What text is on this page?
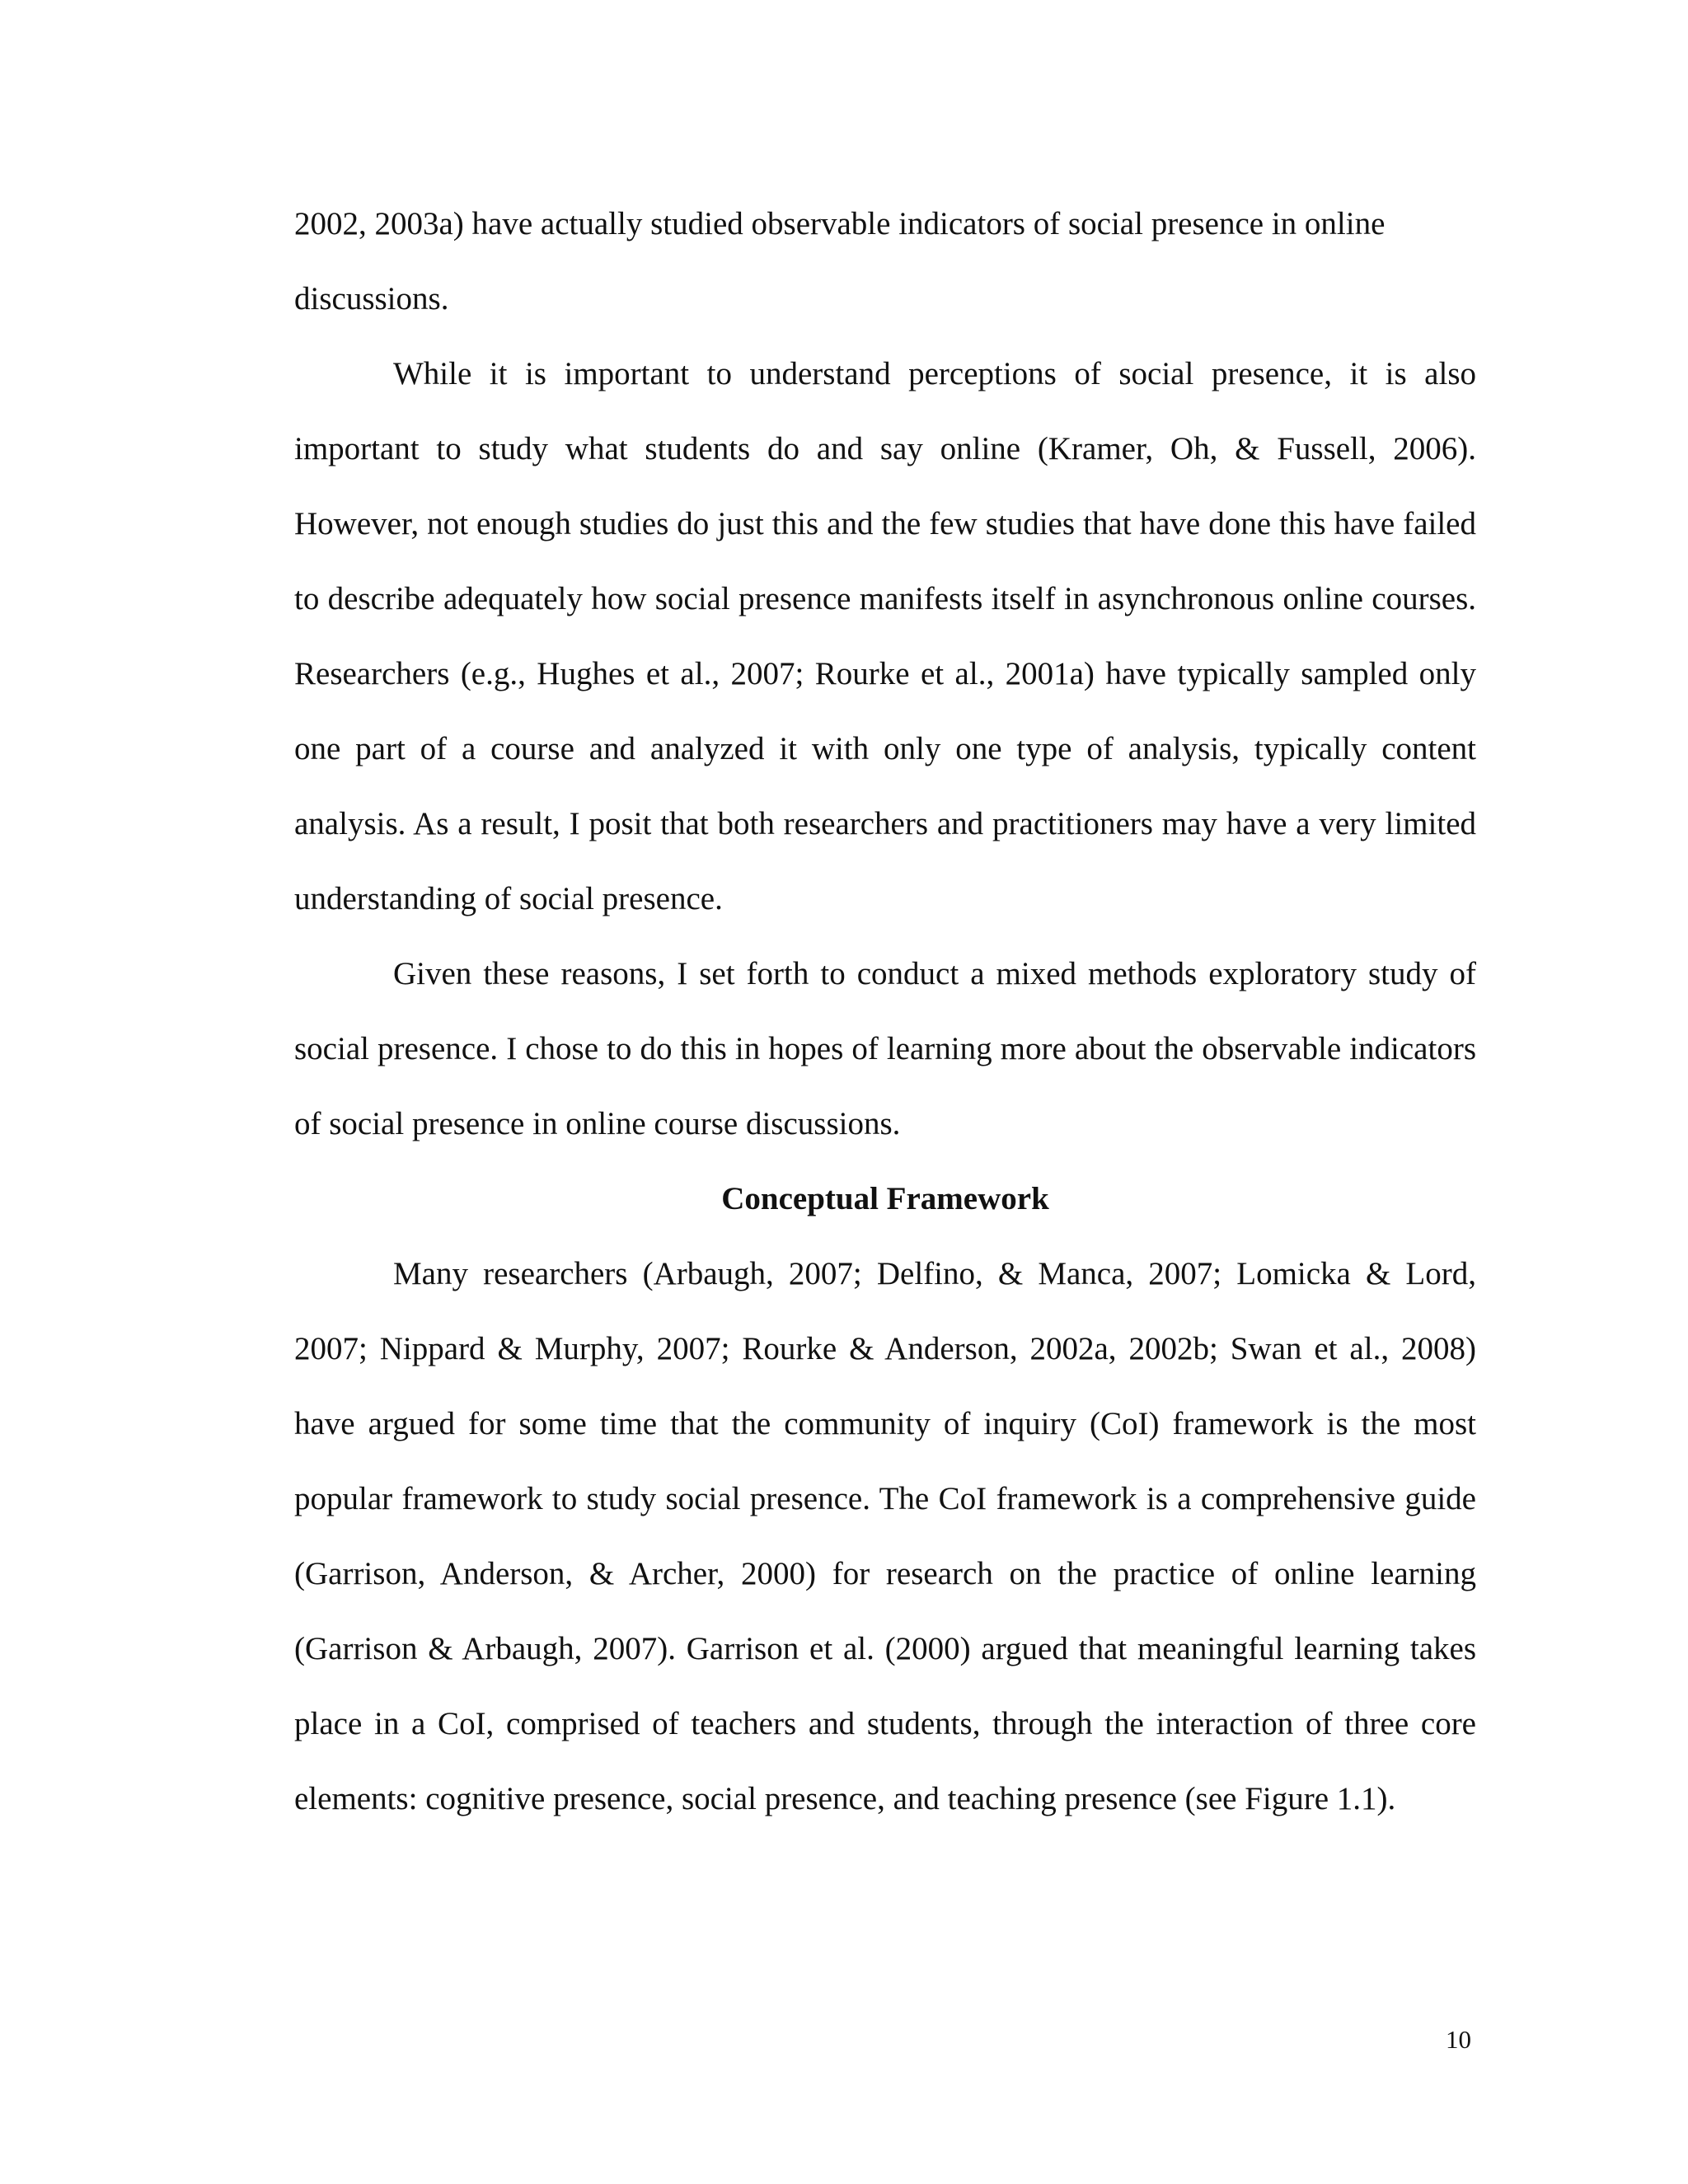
2002, 2003a) have actually studied observable indicators of social presence in online discussions.

While it is important to understand perceptions of social presence, it is also important to study what students do and say online (Kramer, Oh, & Fussell, 2006). However, not enough studies do just this and the few studies that have done this have failed to describe adequately how social presence manifests itself in asynchronous online courses. Researchers (e.g., Hughes et al., 2007; Rourke et al., 2001a) have typically sampled only one part of a course and analyzed it with only one type of analysis, typically content analysis. As a result, I posit that both researchers and practitioners may have a very limited understanding of social presence.

Given these reasons, I set forth to conduct a mixed methods exploratory study of social presence. I chose to do this in hopes of learning more about the observable indicators of social presence in online course discussions.

Conceptual Framework

Many researchers (Arbaugh, 2007; Delfino, & Manca, 2007; Lomicka & Lord, 2007; Nippard & Murphy, 2007; Rourke & Anderson, 2002a, 2002b; Swan et al., 2008) have argued for some time that the community of inquiry (CoI) framework is the most popular framework to study social presence. The CoI framework is a comprehensive guide (Garrison, Anderson, & Archer, 2000) for research on the practice of online learning (Garrison & Arbaugh, 2007). Garrison et al. (2000) argued that meaningful learning takes place in a CoI, comprised of teachers and students, through the interaction of three core elements: cognitive presence, social presence, and teaching presence (see Figure 1.1).

10
